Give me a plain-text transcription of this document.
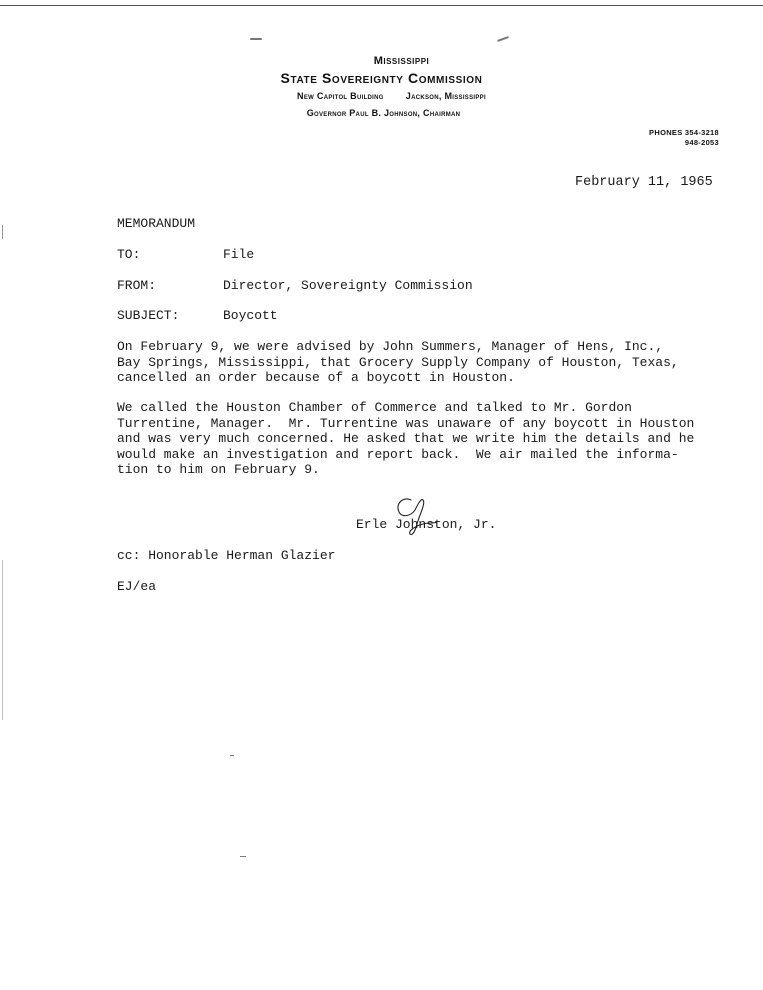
Mississippi
State Sovereignty Commission
New Capitol Building Jackson, Mississippi
Governor Paul B. Johnson, Chairman
PHONES 354-3218
948-2053
February 11, 1965
MEMORANDUM
TO:	File
FROM:	Director, Sovereignty Commission
SUBJECT:	Boycott
On February 9, we were advised by John Summers, Manager of Hens, Inc.,
Bay Springs, Mississippi, that Grocery Supply Company of Houston, Texas,
cancelled an order because of a boycott in Houston.
We called the Houston Chamber of Commerce and talked to Mr. Gordon
Turrentine, Manager.  Mr. Turrentine was unaware of any boycott in Houston
and was very much concerned. He asked that we write him the details and he
would make an investigation and report back.  We air mailed the informa-
tion to him on February 9.
Erle Johnston, Jr.
cc: Honorable Herman Glazier
EJ/ea
